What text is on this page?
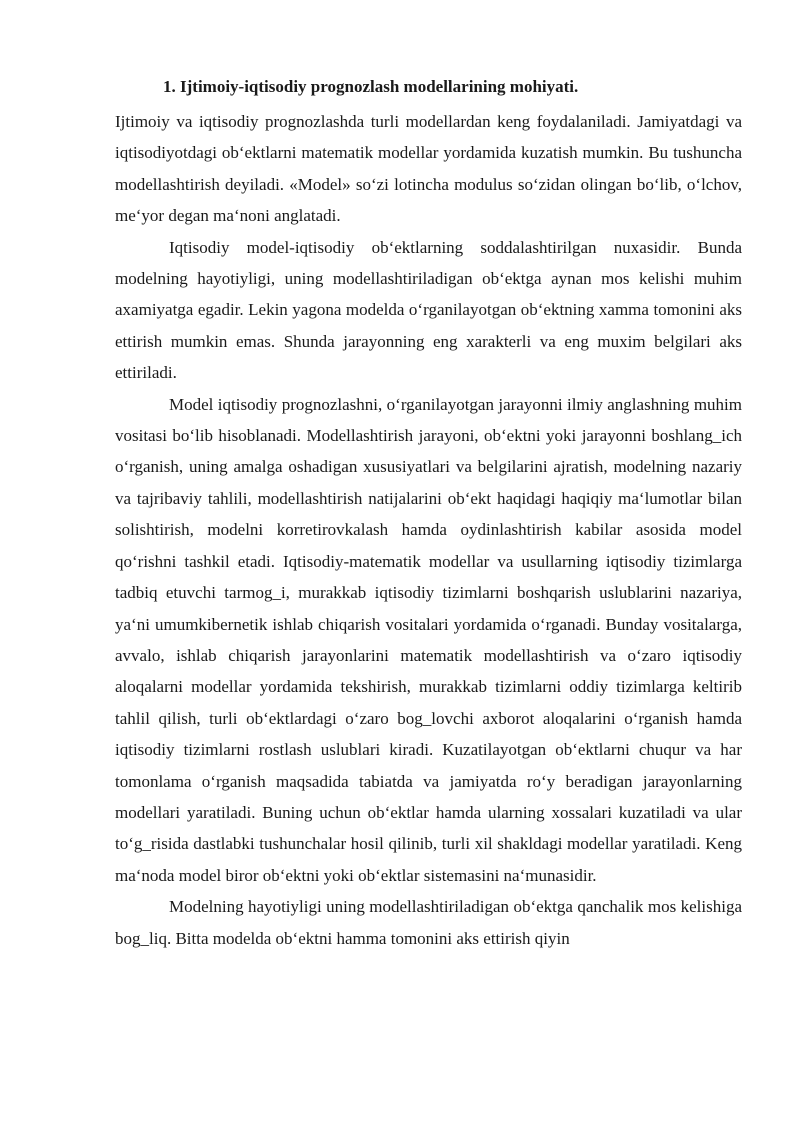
1. Ijtimoiy-iqtisodiy prognozlash modellarining mohiyati.

Ijtimoiy va iqtisodiy prognozlashda turli modellardan keng foydalaniladi. Jamiyatdagi va iqtisodiyotdagi ob‘ektlarni matematik modellar yordamida kuzatish mumkin. Bu tushuncha modellashtirish deyiladi. «Model» so‘zi lotincha modulus so‘zidan olingan bo‘lib, o‘lchov, me‘yor degan ma‘noni anglatadi.

Iqtisodiy model-iqtisodiy ob‘ektlarning soddalashtirilgan nuxasidir. Bunda modelning hayotiyligi, uning modellashtiriladigan ob‘ektga aynan mos kelishi muhim axamiyatga egadir. Lekin yagona modelda o‘rganilayotgan ob‘ektning xamma tomonini aks ettirish mumkin emas. Shunda jarayonning eng xarakterli va eng muxim belgilari aks ettiriladi.

Model iqtisodiy prognozlashni, o‘rganilayotgan jarayonni ilmiy anglashning muhim vositasi bo‘lib hisoblanadi. Modellashtirish jarayoni, ob‘ektni yoki jarayonni boshlang_ich o‘rganish, uning amalga oshadigan xususiyatlari va belgilarini ajratish, modelning nazariy va tajribaviy tahlili, modellashtirish natijalarini ob‘ekt haqidagi haqiqiy ma‘lumotlar bilan solishtirish, modelni korretirovkalash hamda oydinlashtirish kabilar asosida model qo‘rishni tashkil etadi. Iqtisodiy-matematik modellar va usullarning iqtisodiy tizimlarga tadbiq etuvchi tarmog_i, murakkab iqtisodiy tizimlarni boshqarish uslublarini nazariya, ya‘ni umumkibernetik ishlab chiqarish vositalari yordamida o‘rganadi. Bunday vositalarga, avvalo, ishlab chiqarish jarayonlarini matematik modellashtirish va o‘zaro iqtisodiy aloqalarni modellar yordamida tekshirish, murakkab tizimlarni oddiy tizimlarga keltirib tahlil qilish, turli ob‘ektlardagi o‘zaro bog_lovchi axborot aloqalarini o‘rganish hamda iqtisodiy tizimlarni rostlash uslublari kiradi. Kuzatilayotgan ob‘ektlarni chuqur va har tomonlama o‘rganish maqsadida tabiatda va jamiyatda ro‘y beradigan jarayonlarning modellari yaratiladi. Buning uchun ob‘ektlar hamda ularning xossalari kuzatiladi va ular to‘g_risida dastlabki tushunchalar hosil qilinib, turli xil shakldagi modellar yaratiladi. Keng ma‘noda model biror ob‘ektni yoki ob‘ektlar sistemasini na‘munasidir.

Modelning hayotiyligi uning modellashtiriladigan ob‘ektga qanchalik mos kelishiga bog_liq. Bitta modelda ob‘ektni hamma tomonini aks ettirish qiyin
